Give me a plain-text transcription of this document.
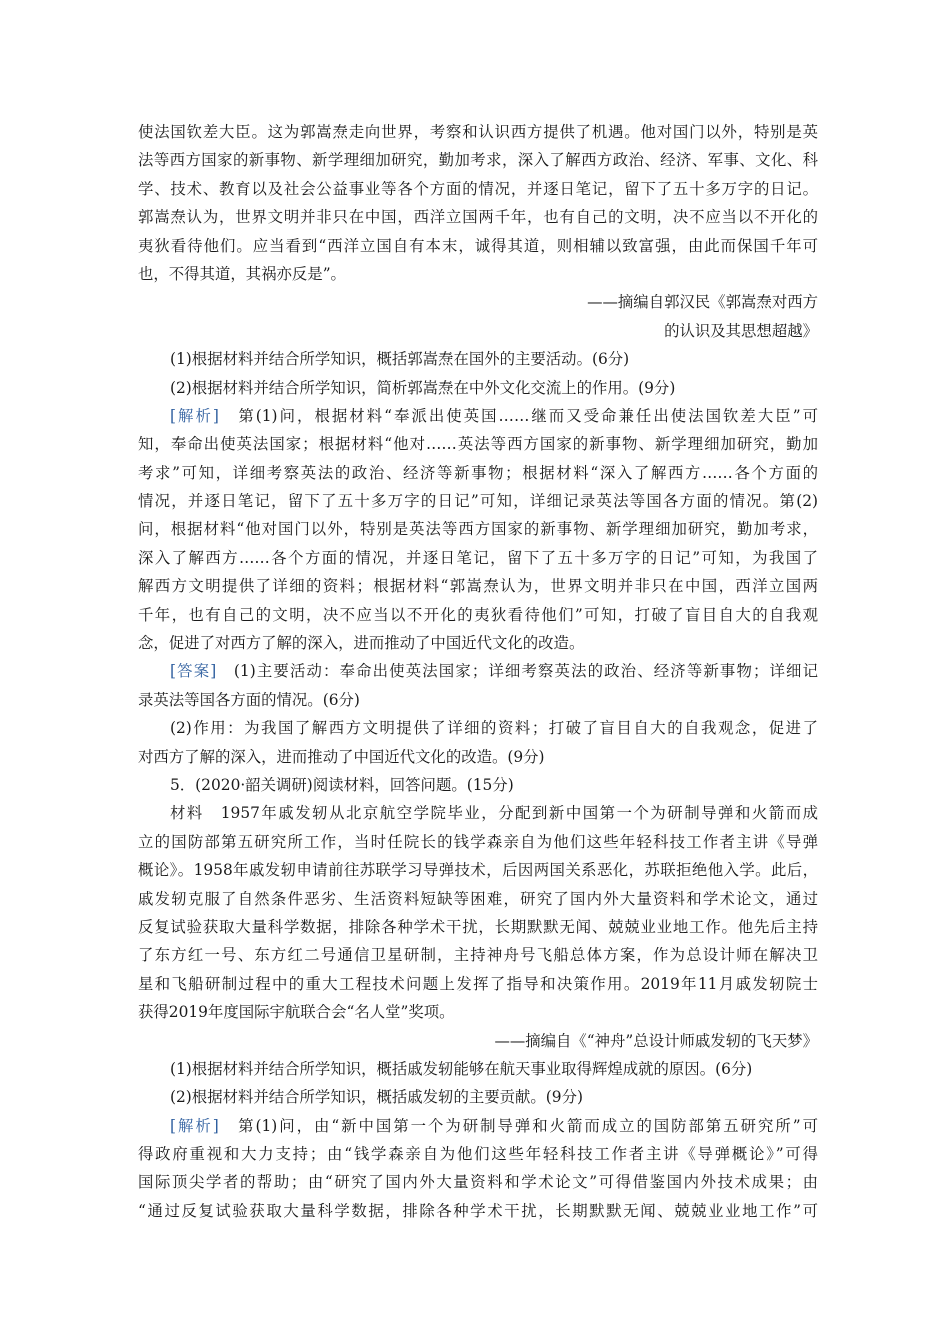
使法国钦差大臣。这为郭嵩焘走向世界，考察和认识西方提供了机遇。他对国门以外，特别是英
法等西方国家的新事物、新学理细加研究，勤加考求，深入了解西方政治、经济、军事、文化、科
学、技术、教育以及社会公益事业等各个方面的情况，并逐日笔记，留下了五十多万字的日记。
郭嵩焘认为，世界文明并非只在中国，西洋立国两千年，也有自己的文明，决不应当以不开化的
夷狄看待他们。应当看到“西洋立国自有本末，诚得其道，则相辅以致富强，由此而保国千年可
也，不得其道，其祸亦反是”。
——摘编自郭汉民《郭嵩焘对西方
的认识及其思想超越》
(1)根据材料并结合所学知识，概括郭嵩焘在国外的主要活动。(6分)
(2)根据材料并结合所学知识，简析郭嵩焘在中外文化交流上的作用。(9分)
[解析]　第(1)问，根据材料“奉派出使英国……继而又受命兼任出使法国钦差大臣”可
知，奉命出使英法国家；根据材料“他对……英法等西方国家的新事物、新学理细加研究，勤加
考求”可知，详细考察英法的政治、经济等新事物；根据材料“深入了解西方……各个方面的
情况，并逐日笔记，留下了五十多万字的日记”可知，详细记录英法等国各方面的情况。第(2)
问，根据材料“他对国门以外，特别是英法等西方国家的新事物、新学理细加研究，勤加考求，
深入了解西方……各个方面的情况，并逐日笔记，留下了五十多万字的日记”可知，为我国了
解西方文明提供了详细的资料；根据材料“郭嵩焘认为，世界文明并非只在中国，西洋立国两
千年，也有自己的文明，决不应当以不开化的夷狄看待他们”可知，打破了盲目自大的自我观
念，促进了对西方了解的深入，进而推动了中国近代文化的改造。
[答案]　(1)主要活动：奉命出使英法国家；详细考察英法的政治、经济等新事物；详细记
录英法等国各方面的情况。(6分)
(2)作用：为我国了解西方文明提供了详细的资料；打破了盲目自大的自我观念，促进了
对西方了解的深入，进而推动了中国近代文化的改造。(9分)
5．(2020·韶关调研)阅读材料，回答问题。(15分)
材料　1957年戚发轫从北京航空学院毕业，分配到新中国第一个为研制导弹和火箭而成
立的国防部第五研究所工作，当时任院长的钱学森亲自为他们这些年轻科技工作者主讲《导弹
概论》。1958年戚发轫申请前往苏联学习导弹技术，后因两国关系恶化，苏联拒绝他入学。此后，
戚发轫克服了自然条件恶劣、生活资料短缺等困难，研究了国内外大量资料和学术论文，通过
反复试验获取大量科学数据，排除各种学术干扰，长期默默无闻、兢兢业业地工作。他先后主持
了东方红一号、东方红二号通信卫星研制，主持神舟号飞船总体方案，作为总设计师在解决卫
星和飞船研制过程中的重大工程技术问题上发挥了指导和决策作用。2019年11月戚发轫院士
获得2019年度国际宇航联合会“名人堂”奖项。
——摘编自《“神舟”总设计师戚发轫的飞天梦》
(1)根据材料并结合所学知识，概括戚发轫能够在航天事业取得辉煌成就的原因。(6分)
(2)根据材料并结合所学知识，概括戚发轫的主要贡献。(9分)
[解析]　第(1)问，由“新中国第一个为研制导弹和火箭而成立的国防部第五研究所”可
得政府重视和大力支持；由“钱学森亲自为他们这些年轻科技工作者主讲《导弹概论》”可得
国际顶尖学者的帮助；由“研究了国内外大量资料和学术论文”可得借鉴国内外技术成果；由
“通过反复试验获取大量科学数据，排除各种学术干扰，长期默默无闻、兢兢业业地工作”可
